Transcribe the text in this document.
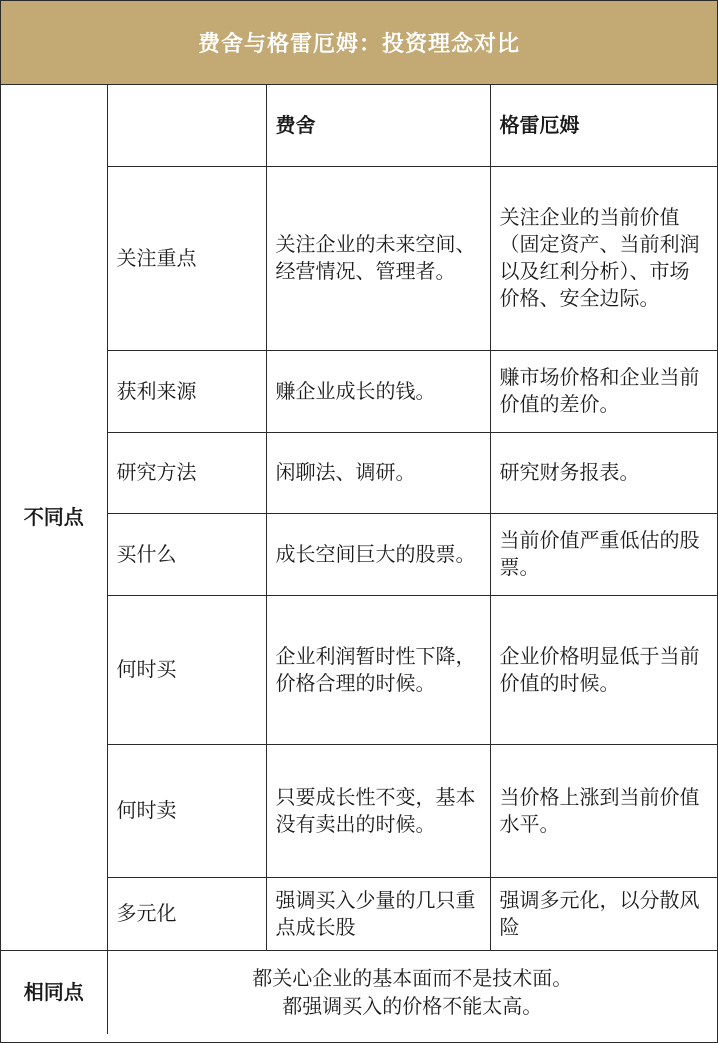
费舍与格雷厄姆：投资理念对比
不同点		费舍	格雷厄姆
	关注重点	关注企业的未来空间、经营情况、管理者。	关注企业的当前价值（固定资产、当前利润以及红利分析）、市场价格、安全边际。
	获利来源	赚企业成长的钱。	赚市场价格和企业当前价值的差价。
	研究方法	闲聊法、调研。	研究财务报表。
	买什么	成长空间巨大的股票。	当前价值严重低估的股票。
	何时买	企业利润暂时性下降，价格合理的时候。	企业价格明显低于当前价值的时候。
	何时卖	只要成长性不变，基本没有卖出的时候。	当价格上涨到当前价值水平。
	多元化	强调买入少量的几只重点成长股	强调多元化，以分散风险
相同点	都关心企业的基本面而不是技术面。
都强调买入的价格不能太高。		
